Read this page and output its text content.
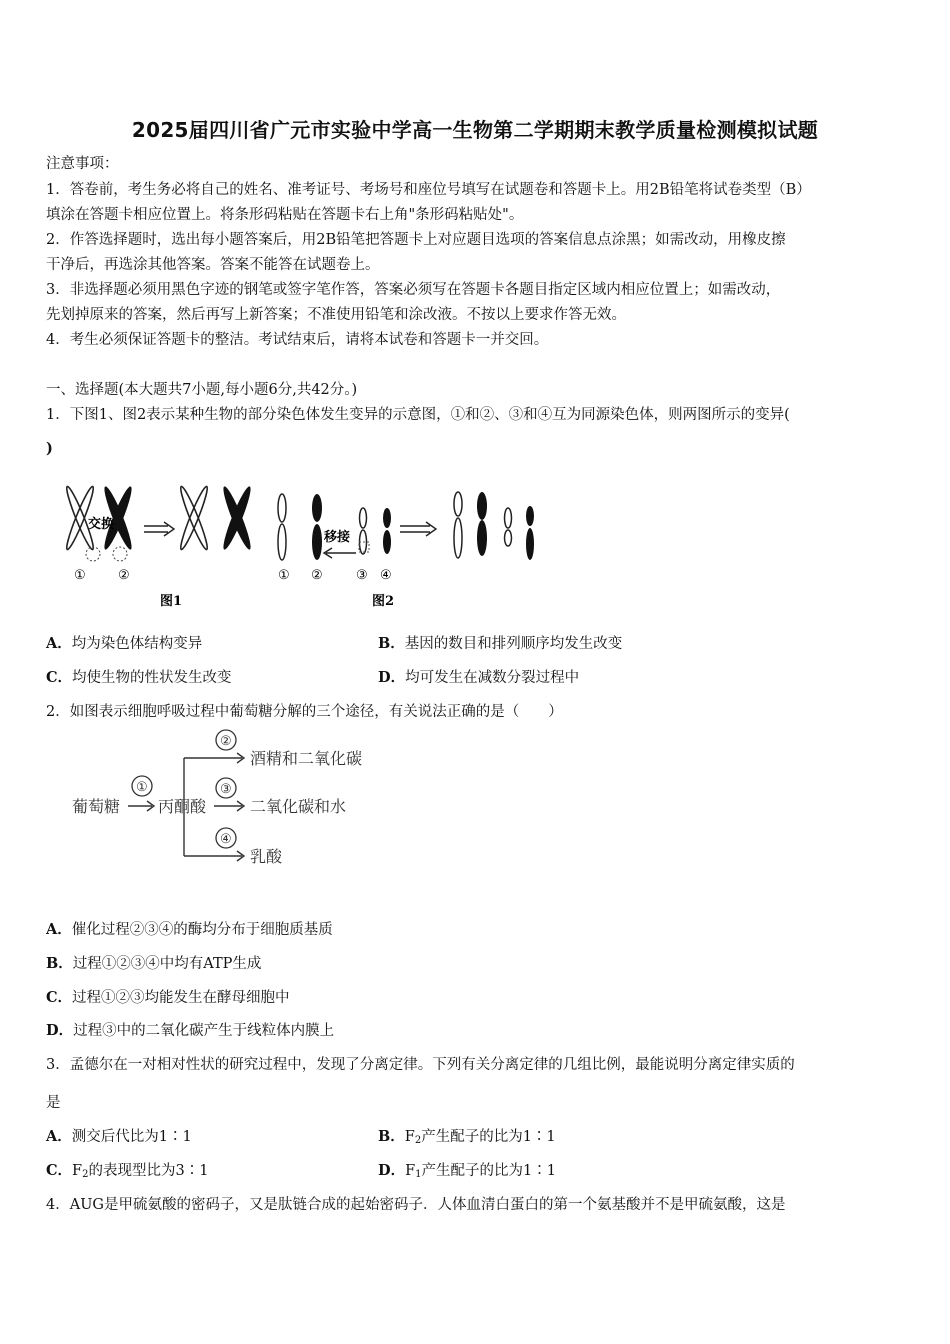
2025届四川省广元市实验中学高一生物第二学期期末教学质量检测模拟试题
注意事项：
1．答卷前，考生务必将自己的姓名、准考证号、考场号和座位号填写在试题卷和答题卡上。用2B铅笔将试卷类型（B）
填涂在答题卡相应位置上。将条形码粘贴在答题卡右上角"条形码粘贴处"。
2．作答选择题时，选出每小题答案后，用2B铅笔把答题卡上对应题目选项的答案信息点涂黑；如需改动，用橡皮擦
干净后，再选涂其他答案。答案不能答在试题卷上。
3．非选择题必须用黑色字迹的钢笔或签字笔作答，答案必须写在答题卡各题目指定区域内相应位置上；如需改动，
先划掉原来的答案，然后再写上新答案；不准使用铅笔和涂改液。不按以上要求作答无效。
4．考生必须保证答题卡的整洁。考试结束后，请将本试卷和答题卡一并交回。
一、选择题(本大题共7小题,每小题6分,共42分。)
1．下图1、图2表示某种生物的部分染色体发生变异的示意图，①和②、③和④互为同源染色体，则两图所示的变异(
)
交换
① ②
图1
移接
① ②	③ ④
图2
A．均为染色体结构变异	B．基因的数目和排列顺序均发生改变
C．均使生物的性状发生改变	D．均可发生在减数分裂过程中
2．如图表示细胞呼吸过程中葡萄糖分解的三个途径，有关说法正确的是（　　）
葡萄糖
①
丙酮酸
②
③
④
酒精和二氧化碳
二氧化碳和水
乳酸
A．催化过程②③④的酶均分布于细胞质基质
B．过程①②③④中均有ATP生成
C．过程①②③均能发生在酵母细胞中
D．过程③中的二氧化碳产生于线粒体内膜上
3．孟德尔在一对相对性状的研究过程中，发现了分离定律。下列有关分离定律的几组比例，最能说明分离定律实质的
是
A．测交后代比为1∶1	B．$F_2$产生配子的比为1∶1
C．$F_2$的表现型比为3∶1	D．$F_1$产生配子的比为1∶1
4．AUG是甲硫氨酸的密码子，又是肽链合成的起始密码子．人体血清白蛋白的第一个氨基酸并不是甲硫氨酸，这是
